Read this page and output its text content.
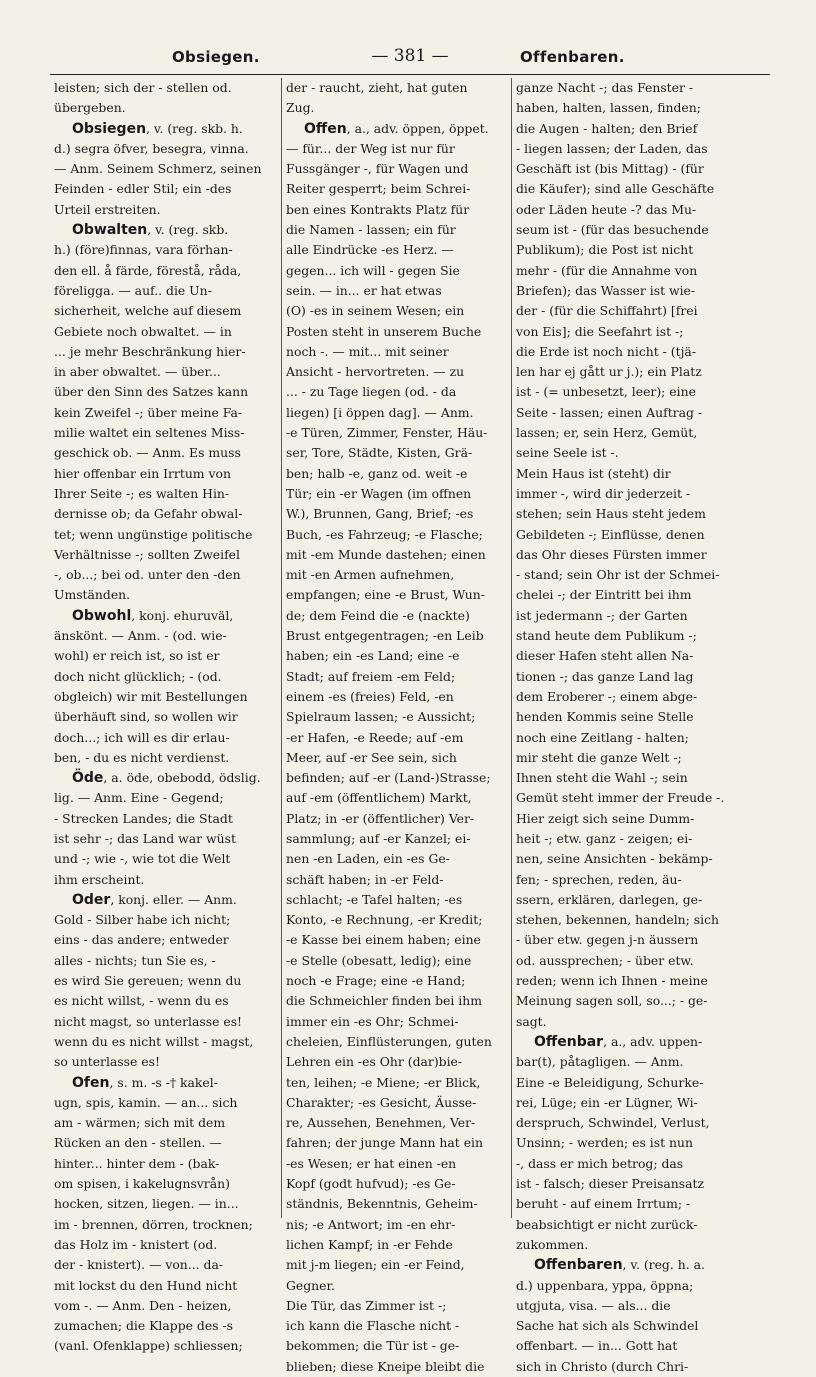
Obsiegen.	— 381 —	Offenbaren.
leisten; sich der - stellen od.
übergeben.
Obsiegen, v. (reg. skb. h.
d.) segra öfver, besegra, vinna.
— Anm. Seinem Schmerz, seinen
Feinden - edler Stil; ein -des
Urteil erstreiten.
Obwalten, v. (reg. skb.
h.) (före)finnas, vara förhan-
den ell. å färde, förestå, råda,
föreligga. — auf.. die Un-
sicherheit, welche auf diesem
Gebiete noch obwaltet. — in
... je mehr Beschränkung hier-
in aber obwaltet. — über...
über den Sinn des Satzes kann
kein Zweifel -; über meine Fa-
milie waltet ein seltenes Miss-
geschick ob. — Anm. Es muss
hier offenbar ein Irrtum von
Ihrer Seite -; es walten Hin-
dernisse ob; da Gefahr obwal-
tet; wenn ungünstige politische
Verhältnisse -; sollten Zweifel
-, ob...; bei od. unter den -den
Umständen.
Obwohl, konj. ehuruväl,
änskönt. — Anm. - (od. wie-
wohl) er reich ist, so ist er
doch nicht glücklich; - (od.
obgleich) wir mit Bestellungen
überhäuft sind, so wollen wir
doch...; ich will es dir erlau-
ben, - du es nicht verdienst.
Öde, a. öde, obebodd, ödslig.
lig. — Anm. Eine - Gegend;
- Strecken Landes; die Stadt
ist sehr -; das Land war wüst
und -; wie -, wie tot die Welt
ihm erscheint.
Oder, konj. eller. — Anm.
Gold - Silber habe ich nicht;
eins - das andere; entweder
alles - nichts; tun Sie es, -
es wird Sie gereuen; wenn du
es nicht willst, - wenn du es
nicht magst, so unterlasse es!
wenn du es nicht willst - magst,
so unterlasse es!
Ofen, s. m. -s -† kakel-
ugn, spis, kamin. — an... sich
am - wärmen; sich mit dem
Rücken an den - stellen. —
hinter... hinter dem - (bak-
om spisen, i kakelugnsvrån)
hocken, sitzen, liegen. — in...
im - brennen, dörren, trocknen;
das Holz im - knistert (od.
der - knistert). — von... da-
mit lockst du den Hund nicht
vom -. — Anm. Den - heizen,
zumachen; die Klappe des -s
(vanl. Ofenklappe) schliessen;
der - raucht, zieht, hat guten
Zug.
Offen, a., adv. öppen, öppet.
— für... der Weg ist nur für
Fussgänger -, für Wagen und
Reiter gesperrt; beim Schrei-
ben eines Kontrakts Platz für
die Namen - lassen; ein für
alle Eindrücke -es Herz. —
gegen... ich will - gegen Sie
sein. — in... er hat etwas
(O) -es in seinem Wesen; ein
Posten steht in unserem Buche
noch -. — mit... mit seiner
Ansicht - hervortreten. — zu
... - zu Tage liegen (od. - da
liegen) [i öppen dag]. — Anm.
-e Türen, Zimmer, Fenster, Häu-
ser, Tore, Städte, Kisten, Grä-
ben; halb -e, ganz od. weit -e
Tür; ein -er Wagen (im offnen
W.), Brunnen, Gang, Brief; -es
Buch, -es Fahrzeug; -e Flasche;
mit -em Munde dastehen; einen
mit -en Armen aufnehmen,
empfangen; eine -e Brust, Wun-
de; dem Feind die -e (nackte)
Brust entgegentragen; -en Leib
haben; ein -es Land; eine -e
Stadt; auf freiem -em Feld;
einem -es (freies) Feld, -en
Spielraum lassen; -e Aussicht;
-er Hafen, -e Reede; auf -em
Meer, auf -er See sein, sich
befinden; auf -er (Land-)Strasse;
auf -em (öffentlichem) Markt,
Platz; in -er (öffentlicher) Ver-
sammlung; auf -er Kanzel; ei-
nen -en Laden, ein -es Ge-
schäft haben; in -er Feld-
schlacht; -e Tafel halten; -es
Konto, -e Rechnung, -er Kredit;
-e Kasse bei einem haben; eine
-e Stelle (obesatt, ledig); eine
noch -e Frage; eine -e Hand;
die Schmeichler finden bei ihm
immer ein -es Ohr; Schmei-
cheleien, Einflüsterungen, guten
Lehren ein -es Ohr (dar)bie-
ten, leihen; -e Miene; -er Blick,
Charakter; -es Gesicht, Äusse-
re, Aussehen, Benehmen, Ver-
fahren; der junge Mann hat ein
-es Wesen; er hat einen -en
Kopf (godt hufvud); -es Ge-
ständnis, Bekenntnis, Geheim-
nis; -e Antwort; im -en ehr-
lichen Kampf; in -er Fehde
mit j-m liegen; ein -er Feind,
Gegner.
Die Tür, das Zimmer ist -;
ich kann die Flasche nicht -
bekommen; die Tür ist - ge-
blieben; diese Kneipe bleibt die
ganze Nacht -; das Fenster -
haben, halten, lassen, finden;
die Augen - halten; den Brief
- liegen lassen; der Laden, das
Geschäft ist (bis Mittag) - (für
die Käufer); sind alle Geschäfte
oder Läden heute -? das Mu-
seum ist - (für das besuchende
Publikum); die Post ist nicht
mehr - (für die Annahme von
Briefen); das Wasser ist wie-
der - (für die Schiffahrt) [frei
von Eis]; die Seefahrt ist -;
die Erde ist noch nicht - (tjä-
len har ej gått ur j.); ein Platz
ist - (= unbesetzt, leer); eine
Seite - lassen; einen Auftrag -
lassen; er, sein Herz, Gemüt,
seine Seele ist -.
Mein Haus ist (steht) dir
immer -, wird dir jederzeit -
stehen; sein Haus steht jedem
Gebildeten -; Einflüsse, denen
das Ohr dieses Fürsten immer
- stand; sein Ohr ist der Schmei-
chelei -; der Eintritt bei ihm
ist jedermann -; der Garten
stand heute dem Publikum -;
dieser Hafen steht allen Na-
tionen -; das ganze Land lag
dem Eroberer -; einem abge-
henden Kommis seine Stelle
noch eine Zeitlang - halten;
mir steht die ganze Welt -;
Ihnen steht die Wahl -; sein
Gemüt steht immer der Freude -.
Hier zeigt sich seine Dumm-
heit -; etw. ganz - zeigen; ei-
nen, seine Ansichten - bekämp-
fen; - sprechen, reden, äu-
ssern, erklären, darlegen, ge-
stehen, bekennen, handeln; sich
- über etw. gegen j-n äussern
od. aussprechen; - über etw.
reden; wenn ich Ihnen - meine
Meinung sagen soll, so...; - ge-
sagt.
Offenbar, a., adv. uppen-
bar(t), påtagligen. — Anm.
Eine -e Beleidigung, Schurke-
rei, Lüge; ein -er Lügner, Wi-
derspruch, Schwindel, Verlust,
Unsinn; - werden; es ist nun
-, dass er mich betrog; das
ist - falsch; dieser Preisansatz
beruht - auf einem Irrtum; -
beabsichtigt er nicht zurück-
zukommen.
Offenbaren, v. (reg. h. a.
d.) uppenbara, yppa, öppna;
utgjuta, visa. — als... die
Sache hat sich als Schwindel
offenbart. — in... Gott hat
sich in Christo (durch Chri-
